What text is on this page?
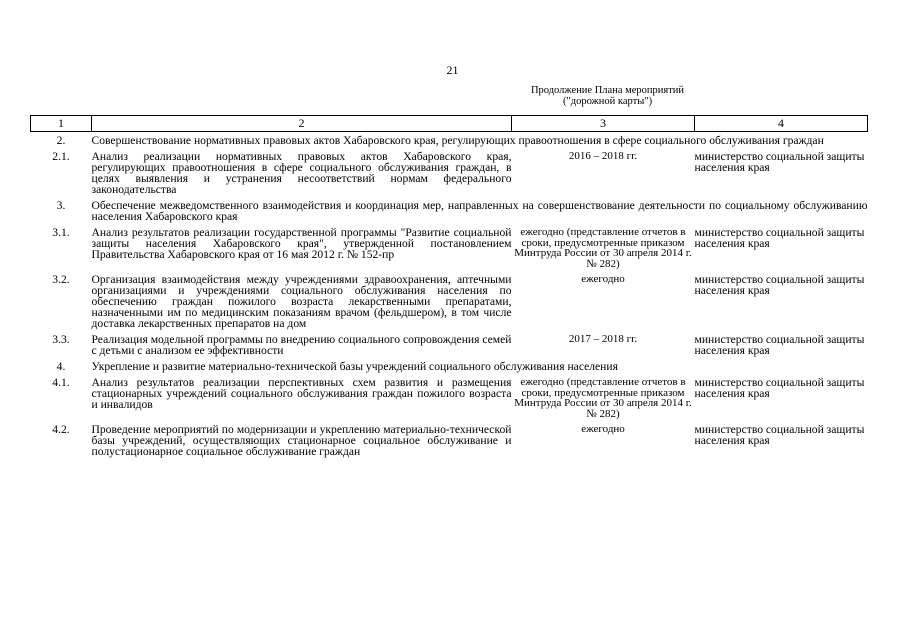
21
Продолжение Плана мероприятий
("дорожной карты")
1	2	3	4
2.	Совершенствование нормативных правовых актов Хабаровского края, регулирующих правоотношения в сфере социального обслуживания граждан		
2.1.	Анализ реализации нормативных правовых актов Хабаровского края, регулирующих правоотношения в сфере социального обслуживания граждан, в целях выявления и устранения несоответствий нормам федерального законодательства	2016 – 2018 гг.	министерство социальной защиты населения края
3.	Обеспечение межведомственного взаимодействия и координация мер, направленных на совершенствование деятельности по социальному обслуживанию населения Хабаровского края		
3.1.	Анализ результатов реализации государственной программы "Развитие социальной защиты населения Хабаровского края", утвержденной постановлением Правительства Хабаровского края от 16 мая 2012 г. № 152-пр	ежегодно (представление отчетов в сроки, предусмотренные приказом Минтруда России от 30 апреля 2014 г. № 282)	министерство социальной защиты населения края
3.2.	Организация взаимодействия между учреждениями здравоохранения, аптечными организациями и учреждениями социального обслуживания населения по обеспечению граждан пожилого возраста лекарственными препаратами, назначенными им по медицинским показаниям врачом (фельдшером), в том числе доставка лекарственных препаратов на дом	ежегодно	министерство социальной защиты населения края
3.3.	Реализация модельной программы по внедрению социального сопровождения семей с детьми с анализом ее эффективности	2017 – 2018 гг.	министерство социальной защиты населения края
4.	Укрепление и развитие материально-технической базы учреждений социального обслуживания населения		
4.1.	Анализ результатов реализации перспективных схем развития и размещения стационарных учреждений социального обслуживания граждан пожилого возраста и инвалидов	ежегодно (представление отчетов в сроки, предусмотренные приказом Минтруда России от 30 апреля 2014 г. № 282)	министерство социальной защиты населения края
4.2.	Проведение мероприятий по модернизации и укреплению материально-технической базы учреждений, осуществляющих стационарное социальное обслуживание и полустационарное социальное обслуживание граждан	ежегодно	министерство социальной защиты населения края
